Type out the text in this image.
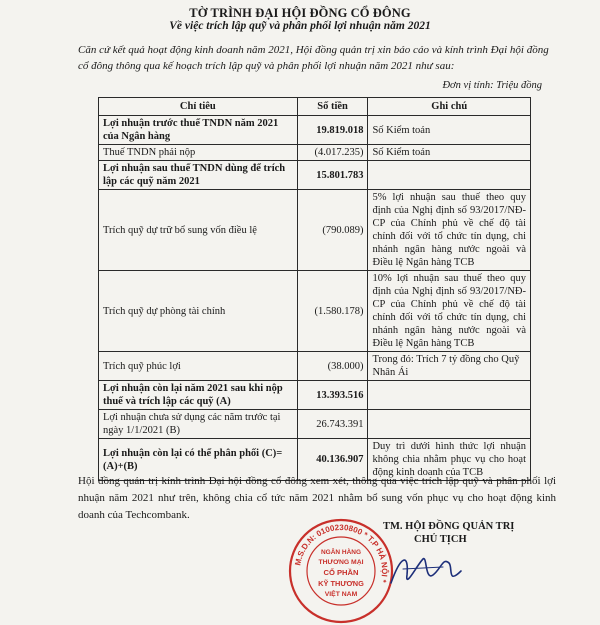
TỜ TRÌNH ĐẠI HỘI ĐỒNG CỔ ĐÔNG
Về việc trích lập quỹ và phân phối lợi nhuận năm 2021
Căn cứ kết quả hoạt động kinh doanh năm 2021, Hội đồng quản trị xin báo cáo và kính trình Đại hội đồng cổ đông thông qua kế hoạch trích lập quỹ và phân phối lợi nhuận năm 2021 như sau:
Đơn vị tính: Triệu đồng
Chỉ tiêu	Số tiền	Ghi chú
Lợi nhuận trước thuế TNDN năm 2021 của Ngân hàng	19.819.018	Số Kiểm toán
Thuế TNDN phải nộp	(4.017.235)	Số Kiểm toán
Lợi nhuận sau thuế TNDN dùng để trích lập các quỹ năm 2021	15.801.783	
Trích quỹ dự trữ bổ sung vốn điều lệ	(790.089)	5% lợi nhuận sau thuế theo quy định của Nghị định số 93/2017/NĐ-CP của Chính phủ về chế độ tài chính đối với tổ chức tín dụng, chi nhánh ngân hàng nước ngoài và Điều lệ Ngân hàng TCB
Trích quỹ dự phòng tài chính	(1.580.178)	10% lợi nhuận sau thuế theo quy định của Nghị định số 93/2017/NĐ-CP của Chính phủ về chế độ tài chính đối với tổ chức tín dụng, chi nhánh ngân hàng nước ngoài và Điều lệ Ngân hàng TCB
Trích quỹ phúc lợi	(38.000)	Trong đó: Trích 7 tỷ đồng cho Quỹ Nhân Ái
Lợi nhuận còn lại năm 2021 sau khi nộp thuế và trích lập các quỹ (A)	13.393.516	
Lợi nhuận chưa sử dụng các năm trước tại ngày 1/1/2021 (B)	26.743.391	
Lợi nhuận còn lại có thể phân phối (C)=(A)+(B)	40.136.907	Duy trì dưới hình thức lợi nhuận không chia nhằm phục vụ cho hoạt động kinh doanh của TCB
Hội đồng quản trị kính trình Đại hội đồng cổ đông xem xét, thông qua việc trích lập quỹ và phân phối lợi nhuận năm 2021 như trên, không chia cổ tức năm 2021 nhằm bổ sung vốn phục vụ cho hoạt động kinh doanh của Techcombank.
M.S.D.N: 0100230800 * T.P HÀ NỘI *
NGÂN HÀNG
THƯƠNG MẠI
CỔ PHẦN
KỸ THƯƠNG
VIỆT NAM
TM. HỘI ĐỒNG QUẢN TRỊ
CHỦ TỊCH
